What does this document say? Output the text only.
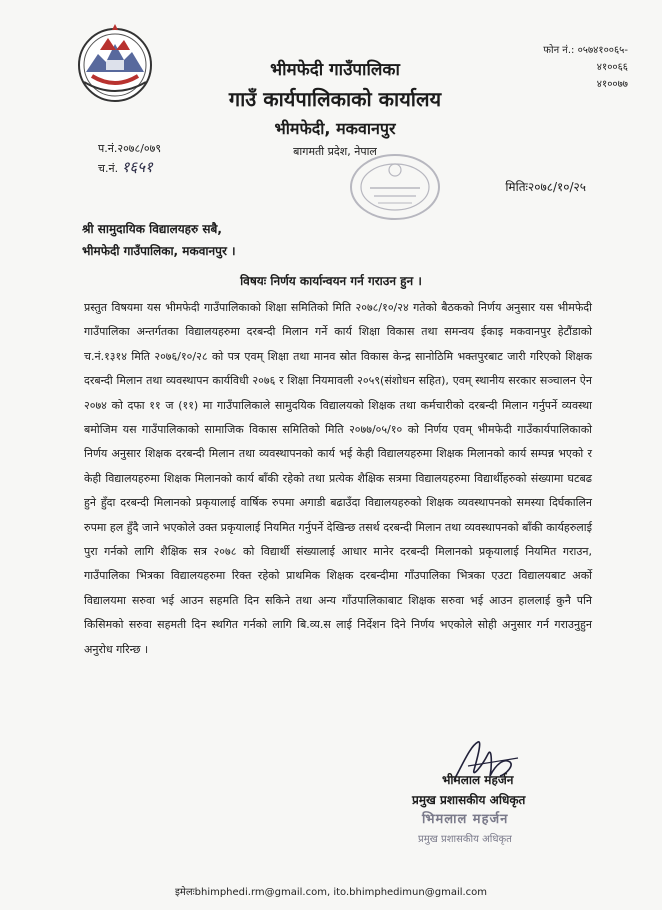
फोन नं.: ०५७४१००६५-
४१००६६
४१००७७
भीमफेदी गाउँपालिका
गाउँ कार्यपालिकाको कार्यालय
भीमफेदी, मकवानपुर
बागमती प्रदेश, नेपाल
प.नं.२०७८/०७९
च.नं. १६५१
मितिः२०७८/१०/२५
श्री सामुदायिक विद्यालयहरु सबै,
भीमफेदी गाउँपालिका, मकवानपुर ।
विषयः निर्णय कार्यान्वयन गर्न गराउन हुन ।
प्रस्तुत विषयमा यस भीमफेदी गाउँपालिकाको शिक्षा समितिको मिति २०७८/१०/२४ गतेको बैठकको निर्णय अनुसार यस भीमफेदी गाउँपालिका अन्तर्गतका विद्यालयहरुमा दरबन्दी मिलान गर्ने कार्य शिक्षा विकास तथा समन्वय ईकाइ मकवानपुर हेटौंडाको च.नं.१३१४ मिति २०७६/१०/२८ को पत्र एवम् शिक्षा तथा मानव स्रोत विकास केन्द्र सानोठिमि भक्तपुरबाट जारी गरिएको शिक्षक दरबन्दी मिलान तथा व्यवस्थापन कार्यविधी २०७६ र शिक्षा नियमावली २०५९(संशोधन सहित), एवम् स्थानीय सरकार सञ्चालन ऐन २०७४ को दफा ११ ज (११) मा गाउँपालिकाले सामुदयिक विद्यालयको शिक्षक तथा कर्मचारीको दरबन्दी मिलान गर्नुपर्ने व्यवस्था बमोजिम यस गाउँपालिकाको सामाजिक विकास समितिको मिति २०७७/०५/१० को निर्णय एवम् भीमफेदी गाउँकार्यपालिकाको निर्णय अनुसार शिक्षक दरबन्दी मिलान तथा व्यवस्थापनको कार्य भई केही विद्यालयहरुमा शिक्षक मिलानको कार्य सम्पन्न भएको र केही विद्यालयहरुमा शिक्षक मिलानको कार्य बाँकी रहेको तथा प्रत्येक शैक्षिक सत्रमा विद्यालयहरुमा विद्यार्थीहरुको संख्यामा घटबढ हुने हुँदा दरबन्दी मिलानको प्रकृयालाई वार्षिक रुपमा अगाडी बढाउँदा विद्यालयहरुको शिक्षक व्यवस्थापनको समस्या दिर्घकालिन रुपमा हल हुँदै जाने भएकोले उक्त प्रकृयालाई नियमित गर्नुपर्ने देखिन्छ तसर्थ दरबन्दी मिलान तथा व्यवस्थापनको बाँकी कार्यहरुलाई पुरा गर्नको लागि शैक्षिक सत्र २०७८ को विद्यार्थी संख्यालाई आधार मानेर दरबन्दी मिलानको प्रकृयालाई नियमित गराउन, गाउँपालिका भित्रका विद्यालयहरुमा रिक्त रहेको प्राथमिक शिक्षक दरबन्दीमा गाँउपालिका भित्रका एउटा विद्यालयबाट अर्को विद्यालयमा सरुवा भई आउन सहमति दिन सकिने तथा अन्य गाँउपालिकाबाट शिक्षक सरुवा भई आउन हाललाई कुनै पनि किसिमको सरुवा सहमती दिन स्थगित गर्नको लागि बि.व्य.स लाई निर्देशन दिने निर्णय भएकोले सोही अनुसार गर्न गराउनुहुन अनुरोध गरिन्छ ।
भीमलाल महर्जन
प्रमुख प्रशासकीय अधिकृत
भिमलाल महर्जन
प्रमुख प्रशासकीय अधिकृत
इमेलःbhimphedi.rm@gmail.com, ito.bhimphedimun@gmail.com
